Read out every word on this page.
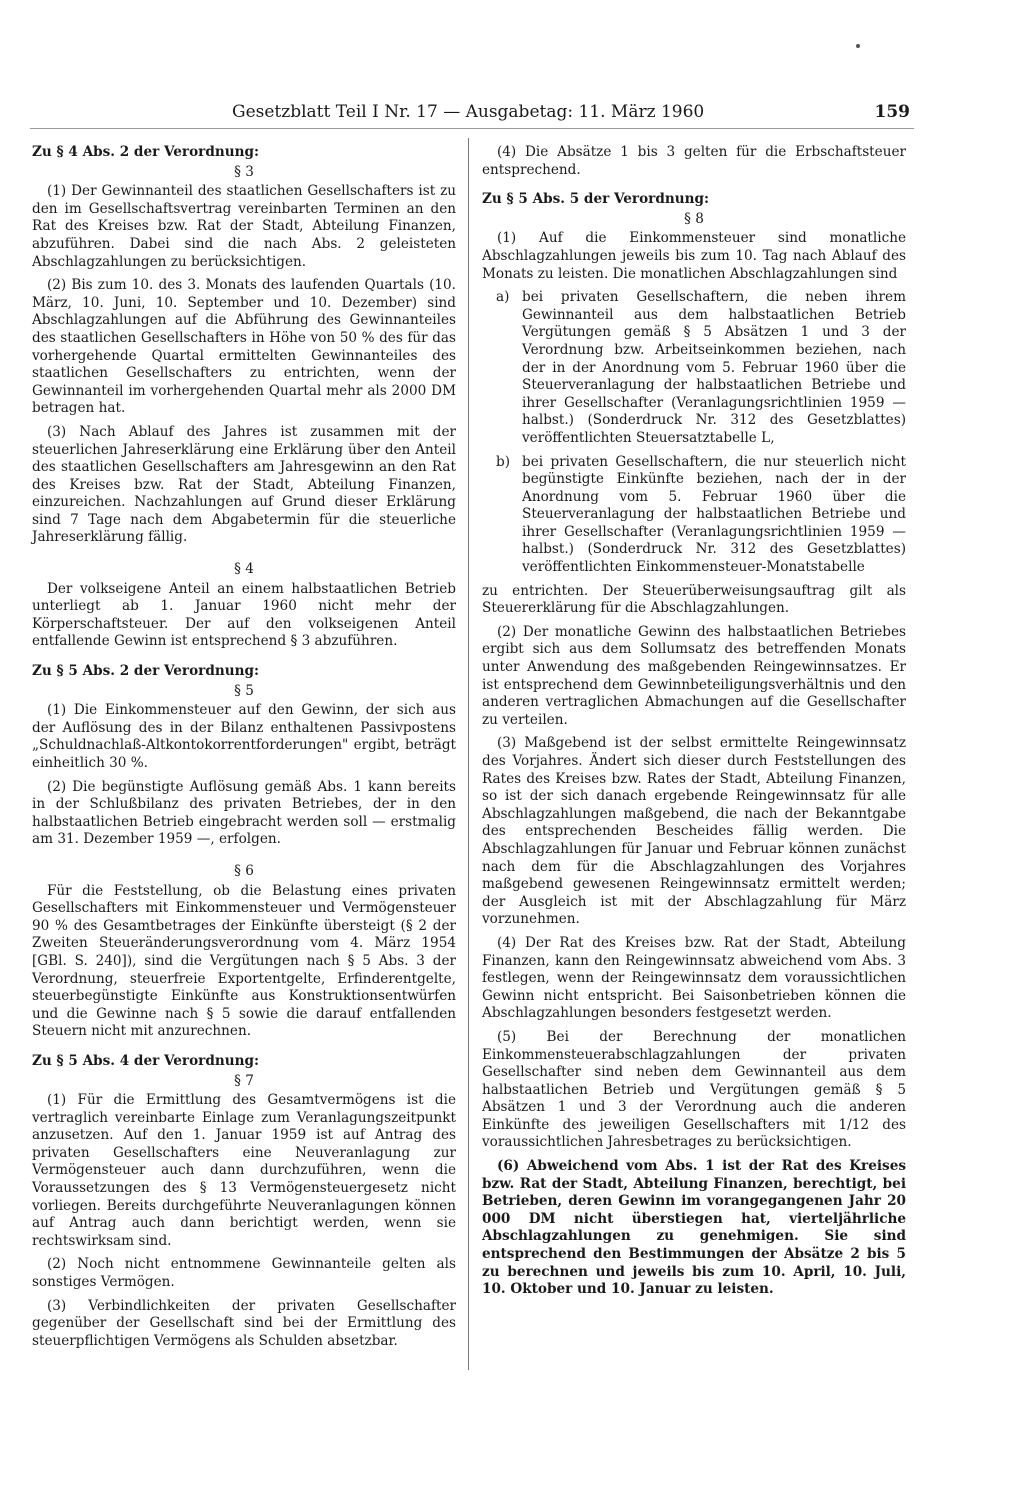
Gesetzblatt Teil I Nr. 17 — Ausgabetag: 11. März 1960	159
Zu § 4 Abs. 2 der Verordnung:
§ 3

(1) Der Gewinnanteil des staatlichen Gesellschafters ist zu den im Gesellschaftsvertrag vereinbarten Terminen an den Rat des Kreises bzw. Rat der Stadt, Abteilung Finanzen, abzuführen. Dabei sind die nach Abs. 2 geleisteten Abschlagzahlungen zu berücksichtigen.

(2) Bis zum 10. des 3. Monats des laufenden Quartals (10. März, 10. Juni, 10. September und 10. Dezember) sind Abschlagzahlungen auf die Abführung des Gewinnanteiles des staatlichen Gesellschafters in Höhe von 50 % des für das vorhergehende Quartal ermittelten Gewinnanteiles des staatlichen Gesellschafters zu entrichten, wenn der Gewinnanteil im vorhergehenden Quartal mehr als 2000 DM betragen hat.

(3) Nach Ablauf des Jahres ist zusammen mit der steuerlichen Jahreserklärung eine Erklärung über den Anteil des staatlichen Gesellschafters am Jahresgewinn an den Rat des Kreises bzw. Rat der Stadt, Abteilung Finanzen, einzureichen. Nachzahlungen auf Grund dieser Erklärung sind 7 Tage nach dem Abgabetermin für die steuerliche Jahreserklärung fällig.

§ 4

Der volkseigene Anteil an einem halbstaatlichen Betrieb unterliegt ab 1. Januar 1960 nicht mehr der Körperschaftsteuer. Der auf den volkseigenen Anteil entfallende Gewinn ist entsprechend § 3 abzuführen.

Zu § 5 Abs. 2 der Verordnung:
§ 5

(1) Die Einkommensteuer auf den Gewinn, der sich aus der Auflösung des in der Bilanz enthaltenen Passivpostens „Schuldnachlaß-Altkontokorrentforderungen" ergibt, beträgt einheitlich 30 %.

(2) Die begünstigte Auflösung gemäß Abs. 1 kann bereits in der Schlußbilanz des privaten Betriebes, der in den halbstaatlichen Betrieb eingebracht werden soll — erstmalig am 31. Dezember 1959 —, erfolgen.

§ 6

Für die Feststellung, ob die Belastung eines privaten Gesellschafters mit Einkommensteuer und Vermögensteuer 90 % des Gesamtbetrages der Einkünfte übersteigt (§ 2 der Zweiten Steueränderungsverordnung vom 4. März 1954 [GBl. S. 240]), sind die Vergütungen nach § 5 Abs. 3 der Verordnung, steuerfreie Exportentgelte, Erfinderentgelte, steuerbegünstigte Einkünfte aus Konstruktionsentwürfen und die Gewinne nach § 5 sowie die darauf entfallenden Steuern nicht mit anzurechnen.

Zu § 5 Abs. 4 der Verordnung:
§ 7

(1) Für die Ermittlung des Gesamtvermögens ist die vertraglich vereinbarte Einlage zum Veranlagungszeitpunkt anzusetzen. Auf den 1. Januar 1959 ist auf Antrag des privaten Gesellschafters eine Neuveranlagung zur Vermögensteuer auch dann durchzuführen, wenn die Voraussetzungen des § 13 Vermögensteuergesetz nicht vorliegen. Bereits durchgeführte Neuveranlagungen können auf Antrag auch dann berichtigt werden, wenn sie rechtswirksam sind.

(2) Noch nicht entnommene Gewinnanteile gelten als sonstiges Vermögen.

(3) Verbindlichkeiten der privaten Gesellschafter gegenüber der Gesellschaft sind bei der Ermittlung des steuerpflichtigen Vermögens als Schulden absetzbar.

(4) Die Absätze 1 bis 3 gelten für die Erbschaftsteuer entsprechend.

Zu § 5 Abs. 5 der Verordnung:
§ 8

(1) Auf die Einkommensteuer sind monatliche Abschlagzahlungen jeweils bis zum 10. Tag nach Ablauf des Monats zu leisten. Die monatlichen Abschlagzahlungen sind

a) bei privaten Gesellschaftern, die neben ihrem Gewinnanteil aus dem halbstaatlichen Betrieb Vergütungen gemäß § 5 Absätzen 1 und 3 der Verordnung bzw. Arbeitseinkommen beziehen, nach der in der Anordnung vom 5. Februar 1960 über die Steuerveranlagung der halbstaatlichen Betriebe und ihrer Gesellschafter (Veranlagungsrichtlinien 1959 — halbst.) (Sonderdruck Nr. 312 des Gesetzblattes) veröffentlichten Steuersatztabelle L,
b) bei privaten Gesellschaftern, die nur steuerlich nicht begünstigte Einkünfte beziehen, nach der in der Anordnung vom 5. Februar 1960 über die Steuerveranlagung der halbstaatlichen Betriebe und ihrer Gesellschafter (Veranlagungsrichtlinien 1959 — halbst.) (Sonderdruck Nr. 312 des Gesetzblattes) veröffentlichten Einkommensteuer-Monatstabelle

zu entrichten. Der Steuerüberweisungsauftrag gilt als Steuererklärung für die Abschlagzahlungen.

(2) Der monatliche Gewinn des halbstaatlichen Betriebes ergibt sich aus dem Sollumsatz des betreffenden Monats unter Anwendung des maßgebenden Reingewinnsatzes. Er ist entsprechend dem Gewinnbeteiligungsverhältnis und den anderen vertraglichen Abmachungen auf die Gesellschafter zu verteilen.

(3) Maßgebend ist der selbst ermittelte Reingewinnsatz des Vorjahres. Ändert sich dieser durch Feststellungen des Rates des Kreises bzw. Rates der Stadt, Abteilung Finanzen, so ist der sich danach ergebende Reingewinnsatz für alle Abschlagzahlungen maßgebend, die nach der Bekanntgabe des entsprechenden Bescheides fällig werden. Die Abschlagzahlungen für Januar und Februar können zunächst nach dem für die Abschlagzahlungen des Vorjahres maßgebend gewesenen Reingewinnsatz ermittelt werden; der Ausgleich ist mit der Abschlagzahlung für März vorzunehmen.

(4) Der Rat des Kreises bzw. Rat der Stadt, Abteilung Finanzen, kann den Reingewinnsatz abweichend vom Abs. 3 festlegen, wenn der Reingewinnsatz dem voraussichtlichen Gewinn nicht entspricht. Bei Saisonbetrieben können die Abschlagzahlungen besonders festgesetzt werden.

(5) Bei der Berechnung der monatlichen Einkommensteuerabschlagzahlungen der privaten Gesellschafter sind neben dem Gewinnanteil aus dem halbstaatlichen Betrieb und Vergütungen gemäß § 5 Absätzen 1 und 3 der Verordnung auch die anderen Einkünfte des jeweiligen Gesellschafters mit 1/12 des voraussichtlichen Jahresbetrages zu berücksichtigen.

(6) Abweichend vom Abs. 1 ist der Rat des Kreises bzw. Rat der Stadt, Abteilung Finanzen, berechtigt, bei Betrieben, deren Gewinn im vorangegangenen Jahr 20 000 DM nicht überstiegen hat, vierteljährliche Abschlagzahlungen zu genehmigen. Sie sind entsprechend den Bestimmungen der Absätze 2 bis 5 zu berechnen und jeweils bis zum 10. April, 10. Juli, 10. Oktober und 10. Januar zu leisten.
